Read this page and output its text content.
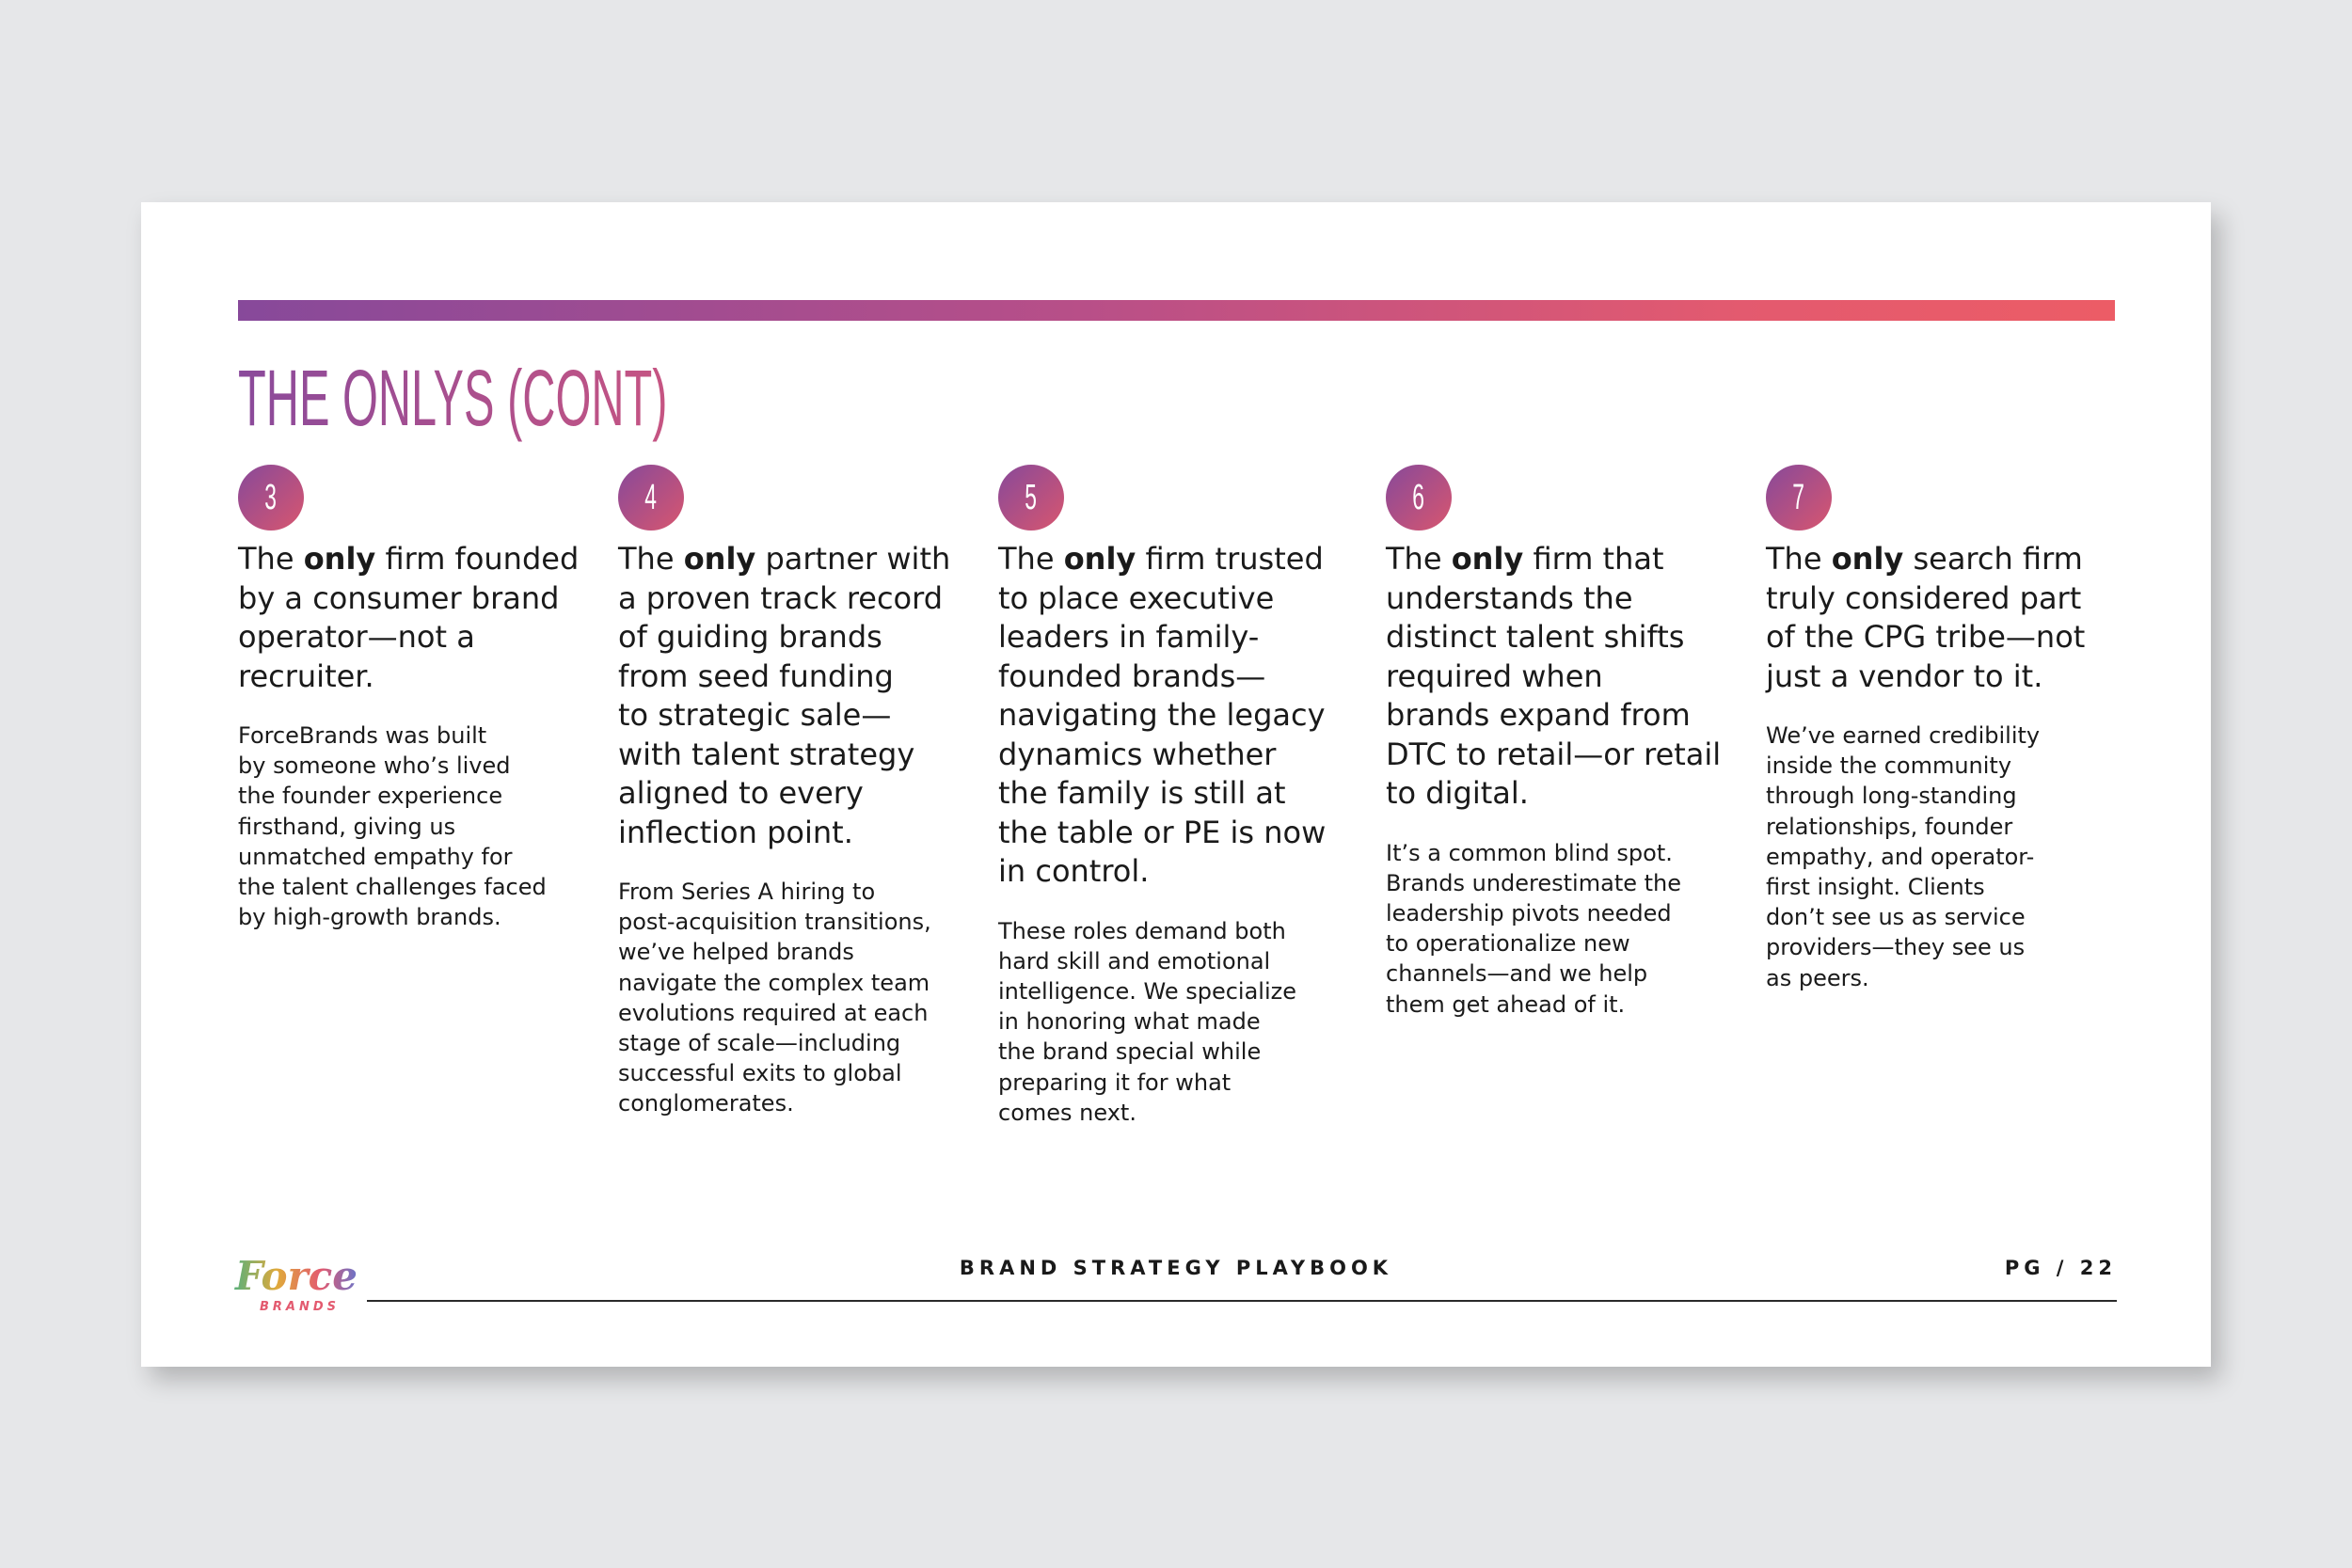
THE ONLYS (CONT)
3
The only firm founded
by a consumer brand
operator—not a
recruiter.
ForceBrands was built
by someone who’s lived
the founder experience
firsthand, giving us
unmatched empathy for
the talent challenges faced
by high-growth brands.
4
The only partner with
a proven track record
of guiding brands
from seed funding
to strategic sale—
with talent strategy
aligned to every
inflection point.
From Series A hiring to
post-acquisition transitions,
we’ve helped brands
navigate the complex team
evolutions required at each
stage of scale—including
successful exits to global
conglomerates.
5
The only firm trusted
to place executive
leaders in family-
founded brands—
navigating the legacy
dynamics whether
the family is still at
the table or PE is now
in control.
These roles demand both
hard skill and emotional
intelligence. We specialize
in honoring what made
the brand special while
preparing it for what
comes next.
6
The only firm that
understands the
distinct talent shifts
required when
brands expand from
DTC to retail—or retail
to digital.
It’s a common blind spot.
Brands underestimate the
leadership pivots needed
to operationalize new
channels—and we help
them get ahead of it.
7
The only search firm
truly considered part
of the CPG tribe—not
just a vendor to it.
We’ve earned credibility
inside the community
through long-standing
relationships, founder
empathy, and operator-
first insight. Clients
don’t see us as service
providers—they see us
as peers.
Force
BRANDS
BRAND STRATEGY PLAYBOOK	PG / 22
